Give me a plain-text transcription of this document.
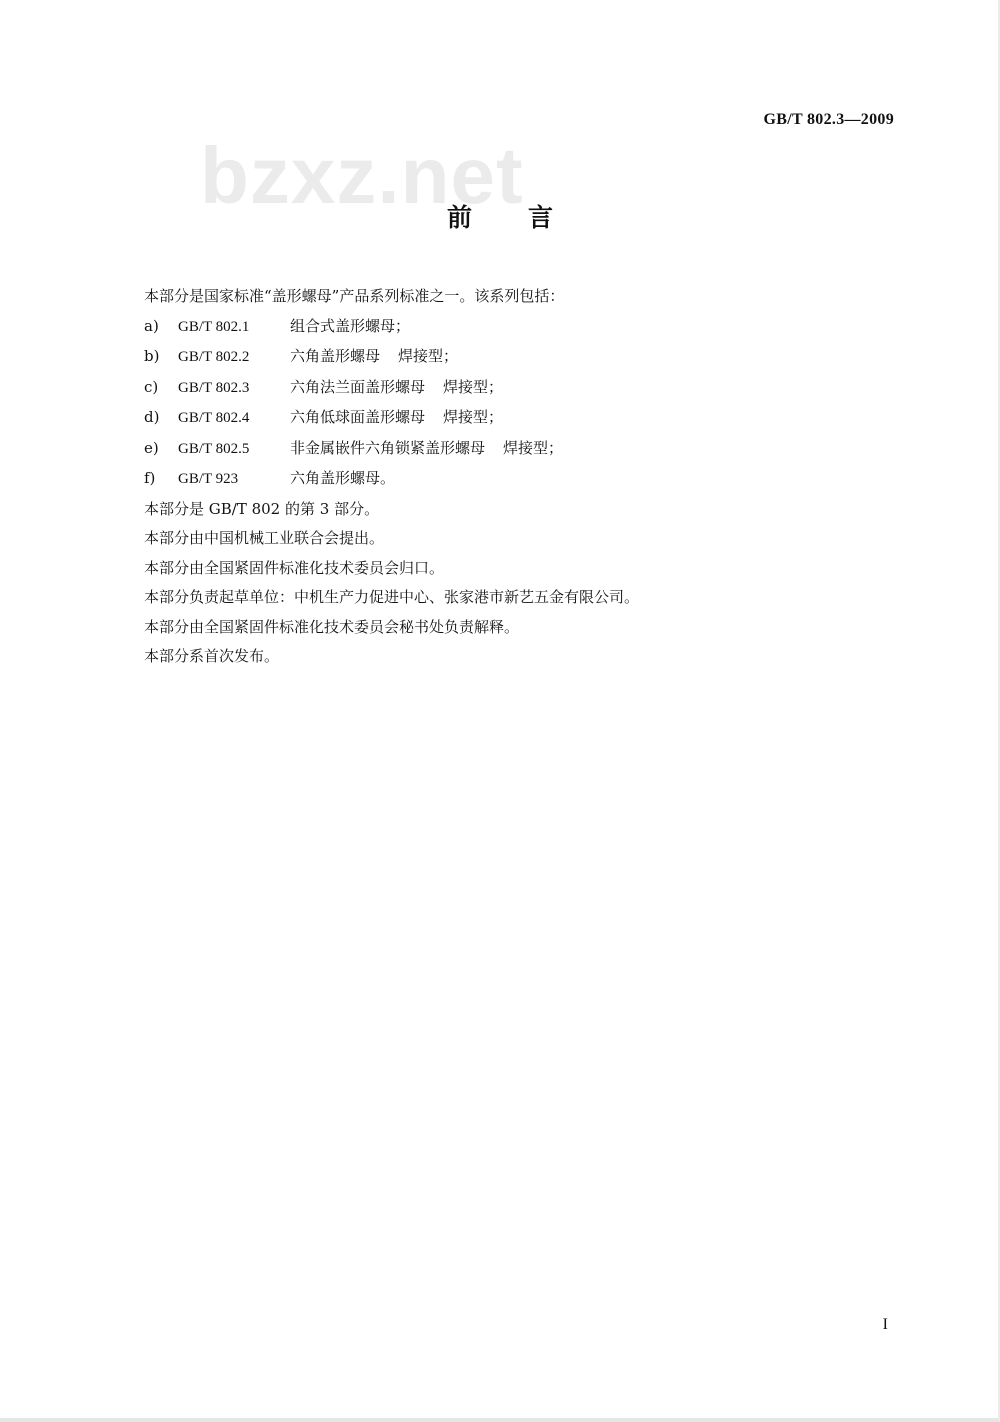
GB/T 802.3—2009
bzxz.net
前言
本部分是国家标准“盖形螺母”产品系列标准之一。该系列包括：
a) GB/T 802.1	组合式盖形螺母；
b) GB/T 802.2	六角盖形螺母 焊接型；
c) GB/T 802.3	六角法兰面盖形螺母 焊接型；
d) GB/T 802.4	六角低球面盖形螺母 焊接型；
e) GB/T 802.5	非金属嵌件六角锁紧盖形螺母 焊接型；
f) GB/T 923	六角盖形螺母。
本部分是 GB/T 802 的第 3 部分。
本部分由中国机械工业联合会提出。
本部分由全国紧固件标准化技术委员会归口。
本部分负责起草单位：中机生产力促进中心、张家港市新艺五金有限公司。
本部分由全国紧固件标准化技术委员会秘书处负责解释。
本部分系首次发布。
I
